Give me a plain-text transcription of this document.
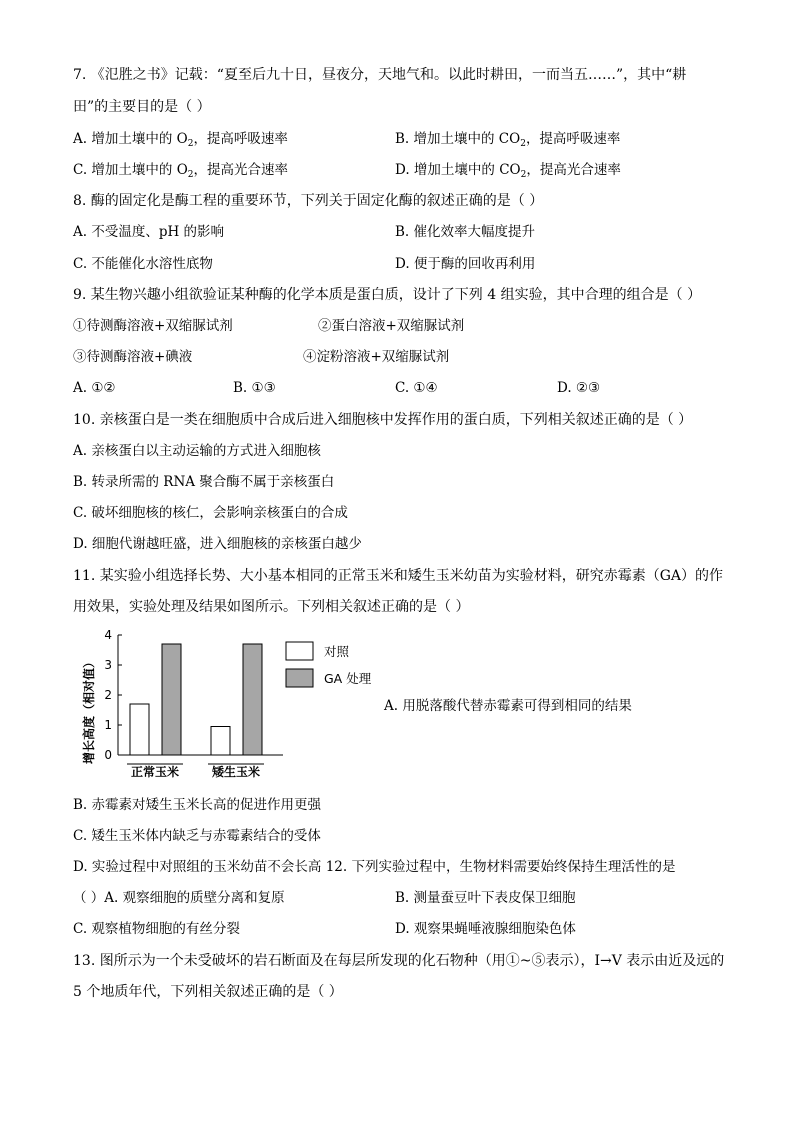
7. 《氾胜之书》记载：“夏至后九十日，昼夜分，天地气和。以此时耕田，一而当五……”，其中“耕
田”的主要目的是（ ）
A. 增加土壤中的 $O_2$，提高呼吸速率	B. 增加土壤中的 $CO_2$，提高呼吸速率
C. 增加土壤中的 $O_2$，提高光合速率	D. 增加土壤中的 $CO_2$，提高光合速率
8. 酶的固定化是酶工程的重要环节，下列关于固定化酶的叙述正确的是（ ）
A. 不受温度、pH 的影响	B. 催化效率大幅度提升
C. 不能催化水溶性底物	D. 便于酶的回收再利用
9. 某生物兴趣小组欲验证某种酶的化学本质是蛋白质，设计了下列 4 组实验，其中合理的组合是（ ）
①待测酶溶液+双缩脲试剂	②蛋白溶液+双缩脲试剂
③待测酶溶液+碘液	④淀粉溶液+双缩脲试剂
A. ①②	B. ①③	C. ①④	D. ②③
10. 亲核蛋白是一类在细胞质中合成后进入细胞核中发挥作用的蛋白质，下列相关叙述正确的是（ ）
A. 亲核蛋白以主动运输的方式进入细胞核
B. 转录所需的 RNA 聚合酶不属于亲核蛋白
C. 破坏细胞核的核仁，会影响亲核蛋白的合成
D. 细胞代谢越旺盛，进入细胞核的亲核蛋白越少
11. 某实验小组选择长势、大小基本相同的正常玉米和矮生玉米幼苗为实验材料，研究赤霉素（GA）的作
用效果，实验处理及结果如图所示。下列相关叙述正确的是（ ）
增长高度（相对值） 0
1
2
3
4
正常玉米	矮生玉米
对照
GA 处理
A. 用脱落酸代替赤霉素可得到相同的结果
B. 赤霉素对矮生玉米长高的促进作用更强
C. 矮生玉米体内缺乏与赤霉素结合的受体
D. 实验过程中对照组的玉米幼苗不会长高 12. 下列实验过程中，生物材料需要始终保持生理活性的是
（ ）A. 观察细胞的质壁分离和复原	B. 测量蚕豆叶下表皮保卫细胞
C. 观察植物细胞的有丝分裂	D. 观察果蝇唾液腺细胞染色体
13. 图所示为一个未受破坏的岩石断面及在每层所发现的化石物种（用①~⑤表示），I→V 表示由近及远的
5 个地质年代，下列相关叙述正确的是（ ）
